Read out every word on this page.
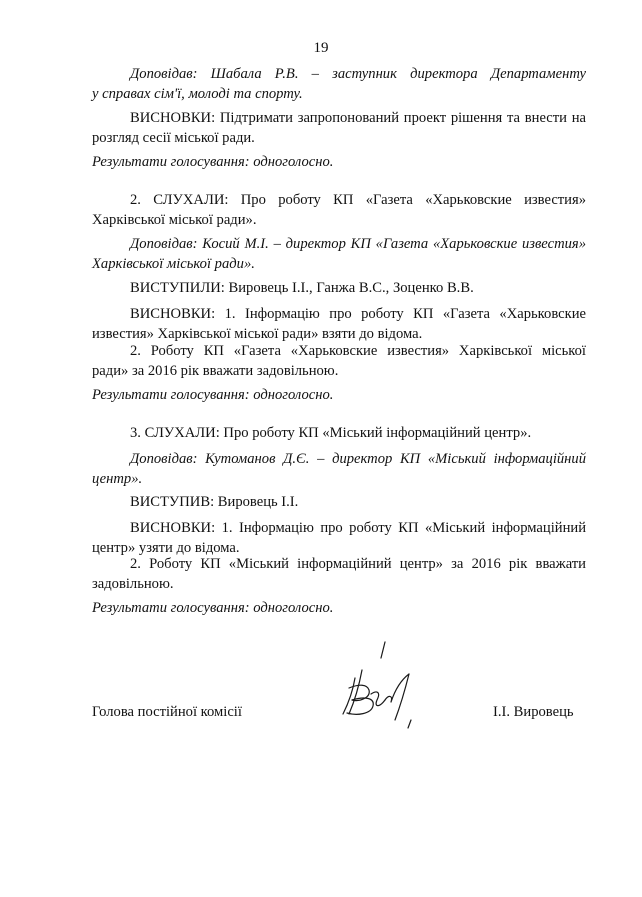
19
Доповідав: Шабала Р.В. – заступник директора Департаменту
у справах сім'ї, молоді та спорту.
ВИСНОВКИ: Підтримати запропонований проект рішення та внести на
розгляд сесії міської ради.
Результати голосування: одноголосно.
2. СЛУХАЛИ: Про роботу КП «Газета «Харьковские известия»
Харківської міської ради».
Доповідав: Косий М.І. – директор КП «Газета «Харьковские известия»
Харківської міської ради».
ВИСТУПИЛИ: Вировець І.І., Ганжа В.С., Зоценко В.В.
ВИСНОВКИ: 1. Інформацію про роботу КП «Газета «Харьковские
известия» Харківської міської ради» взяти до відома.
2. Роботу КП «Газета «Харьковские известия» Харківської міської
ради» за 2016 рік вважати задовільною.
Результати голосування: одноголосно.
3. СЛУХАЛИ: Про роботу КП «Міський інформаційний центр».
Доповідав: Кутоманов Д.Є. – директор КП «Міський інформаційний
центр».
ВИСТУПИВ: Вировець І.І.
ВИСНОВКИ: 1. Інформацію про роботу КП «Міський інформаційний
центр» узяти до відома.
2. Роботу КП «Міський інформаційний центр» за 2016 рік вважати
задовільною.
Результати голосування: одноголосно.
Голова постійної комісії	І.І. Вировець
